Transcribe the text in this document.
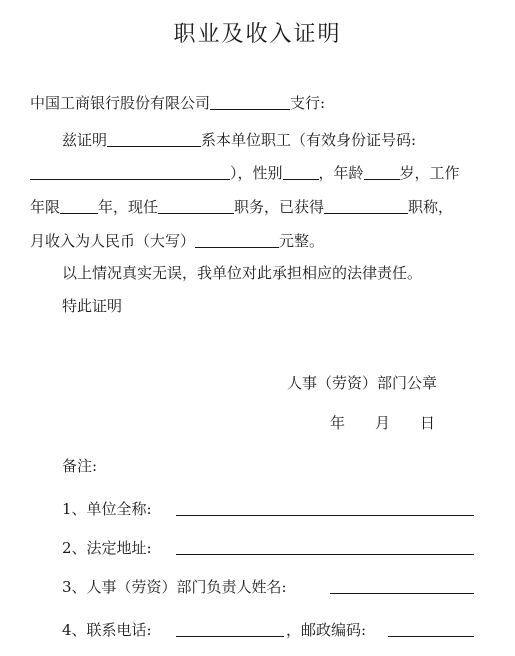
职业及收入证明
中国工商银行股份有限公司	支行:
兹证明	系本单位职工（有效身份证号码:
），性别 ，年龄 岁，工作
年限	年，现任	职务，已获得	职称，
月收入为人民币（大写）	元整。
以上情况真实无误，我单位对此承担相应的法律责任。
特此证明
人事（劳资）部门公章
年 月 日
备注:
1、单位全称:
2、法定地址:
3、人事（劳资）部门负责人姓名:
4、联系电话:	，邮政编码:
